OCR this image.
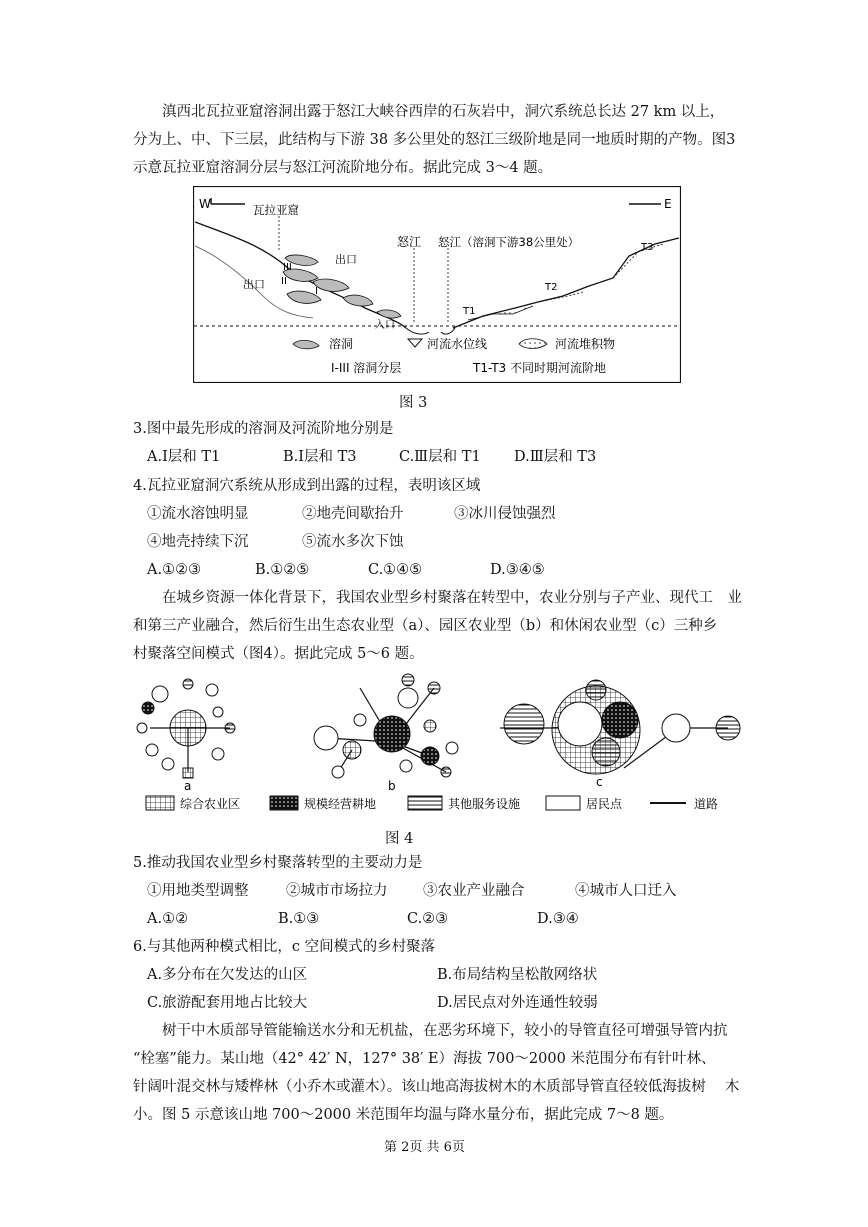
　　滇西北瓦拉亚窟溶洞出露于怒江大峡谷西岸的石灰岩中，洞穴系统总长达 27 km 以上，
分为上、中、下三层，此结构与下游 38 多公里处的怒江三级阶地是同一地质时期的产物。图3
示意瓦拉亚窟溶洞分层与怒江河流阶地分布。据此完成 3～4 题。
W	E
瓦拉亚窟
出口
出口
入口
III
II
I
怒江 怒江（溶洞下游38公里处）
T1
T2
T3
溶洞	河流水位线	河流堆积物
I-III 溶洞分层	T1-T3 不同时期河流阶地
图 3
3.图中最先形成的溶洞及河流阶地分别是
A.Ⅰ层和 T1	B.Ⅰ层和 T3	C.Ⅲ层和 T1 D.Ⅲ层和 T3
4.瓦拉亚窟洞穴系统从形成到出露的过程，表明该区域
①流水溶蚀明显	②地壳间歇抬升	③冰川侵蚀强烈
④地壳持续下沉	⑤流水多次下蚀
A.①②③	B.①②⑤	C.①④⑤	D.③④⑤
　　在城乡资源一体化背景下，我国农业型乡村聚落在转型中，农业分别与子产业、现代工　业
和第三产业融合，然后衍生出生态农业型（a）、园区农业型（b）和休闲农业型（c）三种乡
村聚落空间模式（图4）。据此完成 5～6 题。
a	b	c
综合农业区	规模经营耕地	其他服务设施	居民点	道路
图 4
5.推动我国农业型乡村聚落转型的主要动力是
①用地类型调整	②城市市场拉力 ③农业产业融合	④城市人口迁入
A.①②	B.①③	C.②③	D.③④
6.与其他两种模式相比，c 空间模式的乡村聚落
A.多分布在欠发达的山区	B.布局结构呈松散网络状
C.旅游配套用地占比较大	D.居民点对外连通性较弱
　　树干中木质部导管能输送水分和无机盐，在恶劣环境下，较小的导管直径可增强导管内抗
“栓塞”能力。某山地（42° 42′ N，127° 38′ E）海拔 700～2000 米范围分布有针叶林、
针阔叶混交林与矮桦林（小乔木或灌木）。该山地高海拔树木的木质部导管直径较低海拔树　 木
小。图 5 示意该山地 700～2000 米范围年均温与降水量分布，据此完成 7～8 题。
第 2页 共 6页
